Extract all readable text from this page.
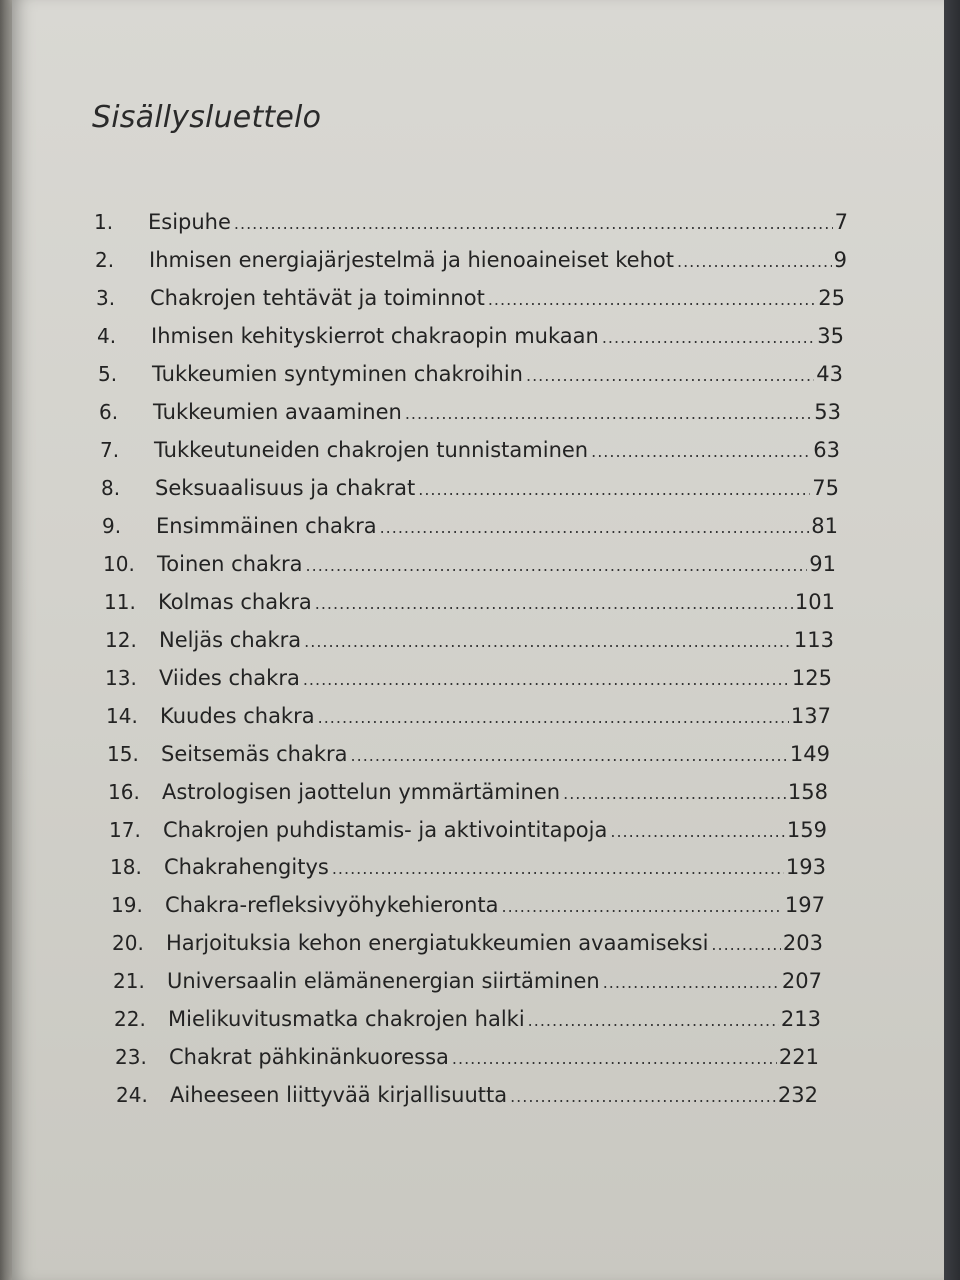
Sisällysluettelo
1.	Esipuhe .....	7
2.	Ihmisen energiajärjestelmä ja hienoaineiset kehot .....	9
3.	Chakrojen tehtävät ja toiminnot .....	25
4.	Ihmisen kehityskierrot chakraopin mukaan .....	35
5.	Tukkeumien syntyminen chakroihin .....	43
6.	Tukkeumien avaaminen .....	53
7.	Tukkeutuneiden chakrojen tunnistaminen .....	63
8.	Seksuaalisuus ja chakrat .....	75
9.	Ensimmäinen chakra .....	81
10.	Toinen chakra .....	91
11.	Kolmas chakra .....	101
12.	Neljäs chakra .....	113
13.	Viides chakra .....	125
14.	Kuudes chakra .....	137
15.	Seitsemäs chakra .....	149
16.	Astrologisen jaottelun ymmärtäminen .....	158
17.	Chakrojen puhdistamis- ja aktivointitapoja .....	159
18.	Chakrahengitys .....	193
19.	Chakra-refleksivyöhykehieronta .....	197
20.	Harjoituksia kehon energiatukkeumien avaamiseksi .....	203
21.	Universaalin elämänenergian siirtäminen .....	207
22.	Mielikuvitusmatka chakrojen halki .....	213
23.	Chakrat pähkinänkuoressa .....	221
24.	Aiheeseen liittyvää kirjallisuutta .....	232
